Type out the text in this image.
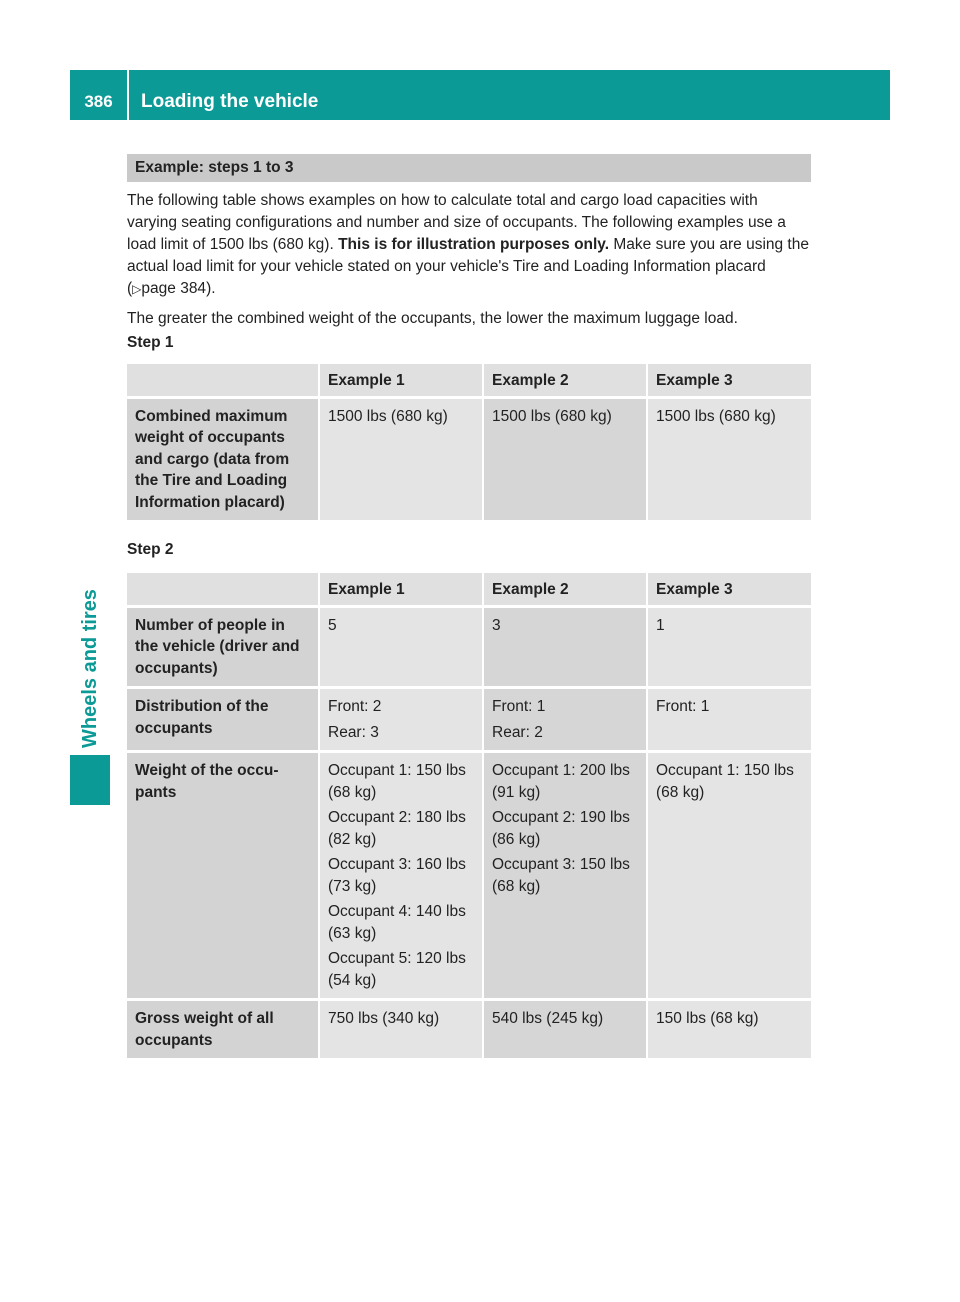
386	Loading the vehicle
Wheels and tires
Example: steps 1 to 3

The following table shows examples on how to calculate total and cargo load capacities with varying seating configurations and number and size of occupants. The following examples use a load limit of 1500 lbs (680 kg). This is for illustration purposes only. Make sure you are using the actual load limit for your vehicle stated on your vehicle's Tire and Loading Information placard (▷page 384).

The greater the combined weight of the occupants, the lower the maximum luggage load.

Step 1
	Example 1	Example 2	Example 3
Combined maximum weight of occupants and cargo (data from the Tire and Loading Information placard)	1500 lbs (680 kg)	1500 lbs (680 kg)	1500 lbs (680 kg)
Step 2
	Example 1	Example 2	Example 3
Number of people in the vehicle (driver and occupants)	5	3	1

Distribution of the occupants	Front: 2
Rear: 3	Front: 1
Rear: 2	Front: 1

Weight of the occu-
pants	Occupant 1: 150 lbs (68 kg)
Occupant 2: 180 lbs (82 kg)
Occupant 3: 160 lbs (73 kg)
Occupant 4: 140 lbs (63 kg)
Occupant 5: 120 lbs (54 kg)	Occupant 1: 200 lbs (91 kg)
Occupant 2: 190 lbs (86 kg)
Occupant 3: 150 lbs (68 kg)	Occupant 1: 150 lbs (68 kg)

Gross weight of all occupants	750 lbs (340 kg)	540 lbs (245 kg)	150 lbs (68 kg)
